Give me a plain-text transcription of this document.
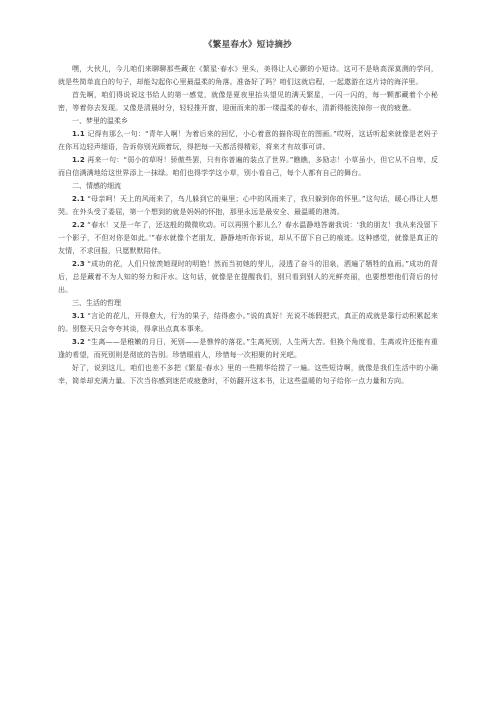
《繁星春水》短诗摘抄

嘿，大伙儿，今儿咱们来聊聊那些藏在《繁星·春水》里头，美得让人心颤的小短诗。这可不是啥高深莫测的学问，就是些简单直白的句子，却能勾起你心里最温柔的角落。准备好了吗？咱们这就启程，一起遨游在这片诗的海洋里。

首先啊，咱们得说说这书给人的第一感觉，就像是夏夜里抬头望见的满天繁星，一闪一闪的，每一颗都藏着个小秘密，等着你去发现。又像是清晨时分，轻轻推开窗，迎面而来的那一缕温柔的春水，清新得能洗掉你一夜的疲惫。

一、梦里的温柔乡

1.1 记得有那么一句：“青年人啊！为着后来的回忆，小心着意的描你现在的图画。”哎呀，这话听起来就像是老妈子在你耳边轻声细语，告诉你别光顾着玩，得把每一天都活得精彩，将来才有故事可讲。

1.2 再来一句：“弱小的草呀！骄傲些罢，只有你普遍的装点了世界。”瞧瞧，多励志！小草虽小，但它从不自卑，反而自信满满地给这世界添上一抹绿。咱们也得学学这小草，别小看自己，每个人都有自己的舞台。

二、情感的细流

2.1 “母亲呵！天上的风雨来了，鸟儿躲到它的巢里；心中的风雨来了，我只躲到你的怀里。”这句话，暖心得让人想哭。在外头受了委屈，第一个想到的就是妈妈的怀抱，那里永远是最安全、最温暖的港湾。

2.2 “春水！又是一年了，还这般的微微吹动。可以再照个影儿么？春水温静地答谢我说：‘我的朋友！我从来没留下一个影子，不但对你是如此。’”春水就像个老朋友，静静地听你诉说，却从不留下自己的痕迹。这种感觉，就像是真正的友情，不求回报，只愿默默陪伴。

2.3 “成功的花，人们只惊羡她现时的明艳！然而当初她的芽儿，浸透了奋斗的泪泉，洒遍了牺牲的血雨。”成功的背后，总是藏着不为人知的努力和汗水。这句话，就像是在提醒我们，别只看到别人的光鲜亮丽，也要想想他们背后的付出。

三、生活的哲理

3.1 “言论的花儿，开得愈大，行为的果子，结得愈小。”说的真好！光说不练假把式，真正的成就是靠行动积累起来的。别整天只会夸夸其谈，得拿出点真本事来。

3.2 “生离——是稚嫩的月日，死别——是憔悴的落花。”生离死别，人生两大苦。但换个角度看，生离或许还能有重逢的希望，而死别则是彻底的告别。珍惜眼前人，珍惜每一次相聚的时光吧。

好了，说到这儿，咱们也差不多把《繁星·春水》里的一些精华给捞了一遍。这些短诗啊，就像是我们生活中的小确幸，简单却充满力量。下次当你感到迷茫或疲惫时，不妨翻开这本书，让这些温暖的句子给你一点力量和方向。
